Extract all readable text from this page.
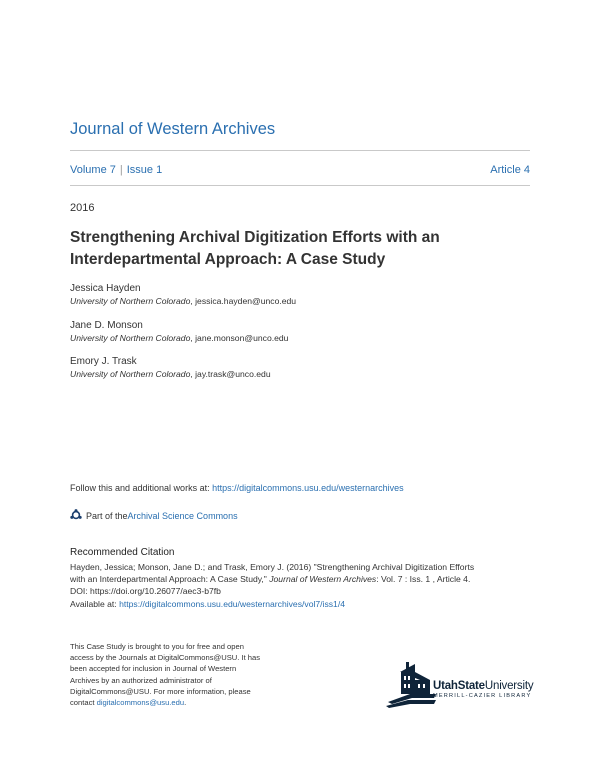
Journal of Western Archives
Volume 7 | Issue 1	Article 4
2016
Strengthening Archival Digitization Efforts with an Interdepartmental Approach: A Case Study
Jessica Hayden
University of Northern Colorado, jessica.hayden@unco.edu
Jane D. Monson
University of Northern Colorado, jane.monson@unco.edu
Emory J. Trask
University of Northern Colorado, jay.trask@unco.edu
Follow this and additional works at: https://digitalcommons.usu.edu/westernarchives
Part of the Archival Science Commons
Recommended Citation
Hayden, Jessica; Monson, Jane D.; and Trask, Emory J. (2016) "Strengthening Archival Digitization Efforts
with an Interdepartmental Approach: A Case Study," Journal of Western Archives: Vol. 7 : Iss. 1 , Article 4.
DOI: https://doi.org/10.26077/aec3-b7fb
Available at: https://digitalcommons.usu.edu/westernarchives/vol7/iss1/4
This Case Study is brought to you for free and open
access by the Journals at DigitalCommons@USU. It has
been accepted for inclusion in Journal of Western
Archives by an authorized administrator of
DigitalCommons@USU. For more information, please
contact digitalcommons@usu.edu.
UtahStateUniversity
MERRILL-CAZIER LIBRARY
